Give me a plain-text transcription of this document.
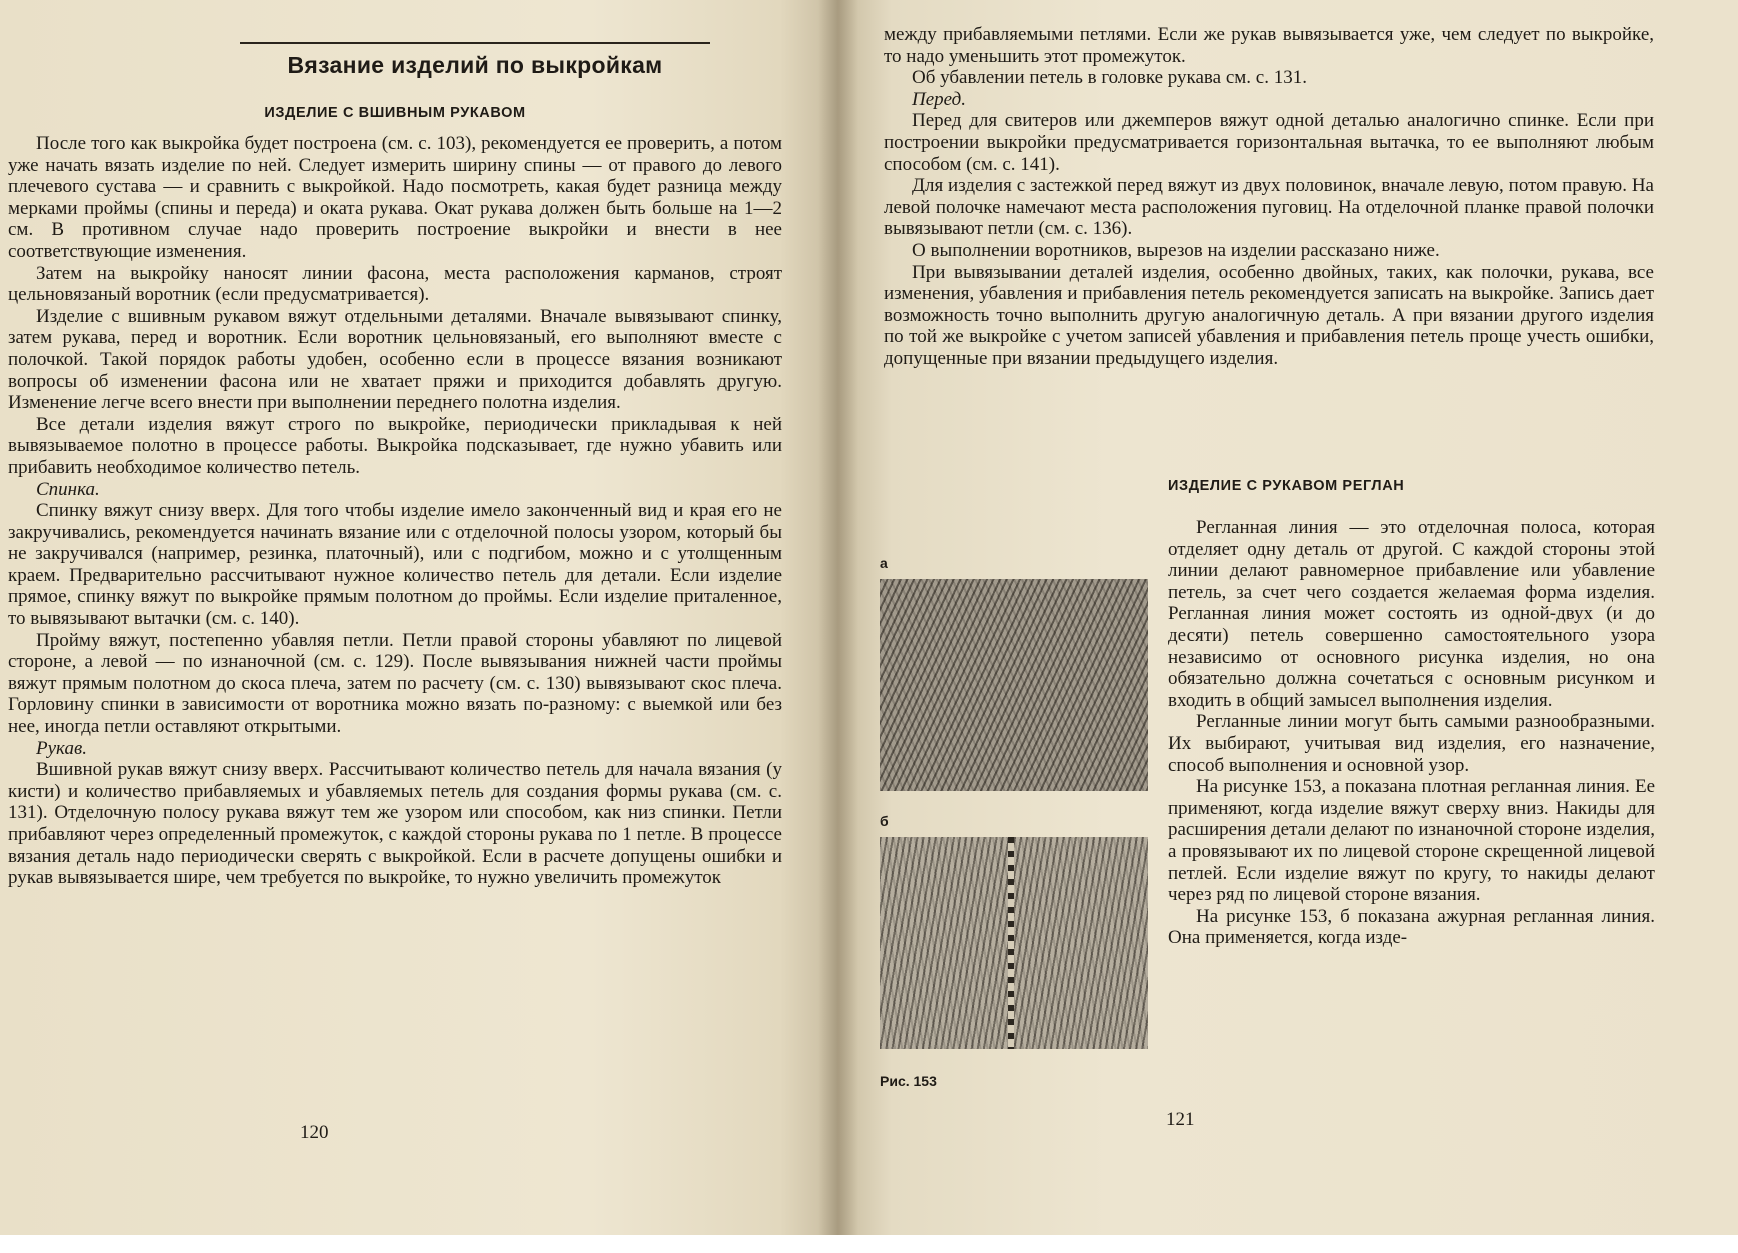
Вязание изделий по выкройкам
ИЗДЕЛИЕ С ВШИВНЫМ РУКАВОМ

После того как выкройка будет построена (см. с. 103), рекомендуется ее проверить, а потом уже начать вязать изделие по ней. Следует измерить ширину спины — от правого до левого плечевого сустава — и сравнить с выкройкой. Надо посмотреть, какая будет разница между мерками проймы (спины и переда) и оката рукава. Окат рукава должен быть больше на 1—2 см. В противном случае надо проверить построение выкройки и внести в нее соответствующие изменения.

Затем на выкройку наносят линии фасона, места расположения карманов, строят цельновязаный воротник (если предусматривается).

Изделие с вшивным рукавом вяжут отдельными деталями. Вначале вывязывают спинку, затем рукава, перед и воротник. Если воротник цельновязаный, его выполняют вместе с полочкой. Такой порядок работы удобен, особенно если в процессе вязания возникают вопросы об изменении фасона или не хватает пряжи и приходится добавлять другую. Изменение легче всего внести при выполнении переднего полотна изделия.

Все детали изделия вяжут строго по выкройке, периодически прикладывая к ней вывязываемое полотно в процессе работы. Выкройка подсказывает, где нужно убавить или прибавить необходимое количество петель.

Спинка.

Спинку вяжут снизу вверх. Для того чтобы изделие имело законченный вид и края его не закручивались, рекомендуется начинать вязание или с отделочной полосы узором, который бы не закручивался (например, резинка, платочный), или с подгибом, можно и с утолщенным краем. Предварительно рассчитывают нужное количество петель для детали. Если изделие прямое, спинку вяжут по выкройке прямым полотном до проймы. Если изделие приталенное, то вывязывают вытачки (см. с. 140).

Пройму вяжут, постепенно убавляя петли. Петли правой стороны убавляют по лицевой стороне, а левой — по изнаночной (см. с. 129). После вывязывания нижней части проймы вяжут прямым полотном до скоса плеча, затем по расчету (см. с. 130) вывязывают скос плеча. Горловину спинки в зависимости от воротника можно вязать по-разному: с выемкой или без нее, иногда петли оставляют открытыми.

Рукав.

Вшивной рукав вяжут снизу вверх. Рассчитывают количество петель для начала вязания (у кисти) и количество прибавляемых и убавляемых петель для создания формы рукава (см. с. 131). Отделочную полосу рукава вяжут тем же узором или способом, как низ спинки. Петли прибавляют через определенный промежуток, с каждой стороны рукава по 1 петле. В процессе вязания деталь надо периодически сверять с выкройкой. Если в расчете допущены ошибки и рукав вывязывается шире, чем требуется по выкройке, то нужно увеличить промежуток

между прибавляемыми петлями. Если же рукав вывязывается уже, чем следует по выкройке, то надо уменьшить этот промежуток.

Об убавлении петель в головке рукава см. с. 131.

Перед.

Перед для свитеров или джемперов вяжут одной деталью аналогично спинке. Если при построении выкройки предусматривается горизонтальная вытачка, то ее выполняют любым способом (см. с. 141).

Для изделия с застежкой перед вяжут из двух половинок, вначале левую, потом правую. На левой полочке намечают места расположения пуговиц. На отделочной планке правой полочки вывязывают петли (см. с. 136).

О выполнении воротников, вырезов на изделии рассказано ниже.

При вывязывании деталей изделия, особенно двойных, таких, как полочки, рукава, все изменения, убавления и прибавления петель рекомендуется записать на выкройке. Запись дает возможность точно выполнить другую аналогичную деталь. А при вязании другого изделия по той же выкройке с учетом записей убавления и прибавления петель проще учесть ошибки, допущенные при вязании предыдущего изделия.

ИЗДЕЛИЕ С РУКАВОМ РЕГЛАН
а
б
Рис. 153

Регланная линия — это отделочная полоса, которая отделяет одну деталь от другой. С каждой стороны этой линии делают равномерное прибавление или убавление петель, за счет чего создается желаемая форма изделия. Регланная линия может состоять из одной-двух (и до десяти) петель совершенно самостоятельного узора независимо от основного рисунка изделия, но она обязательно должна сочетаться с основным рисунком и входить в общий замысел выполнения изделия.

Регланные линии могут быть самыми разнообразными. Их выбирают, учитывая вид изделия, его назначение, способ выполнения и основной узор.

На рисунке 153, а показана плотная регланная линия. Ее применяют, когда изделие вяжут сверху вниз. Накиды для расширения детали делают по изнаночной стороне изделия, а провязывают их по лицевой стороне скрещенной лицевой петлей. Если изделие вяжут по кругу, то накиды делают через ряд по лицевой стороне вязания.

На рисунке 153, б показана ажурная регланная линия. Она применяется, когда изде-

120
121
